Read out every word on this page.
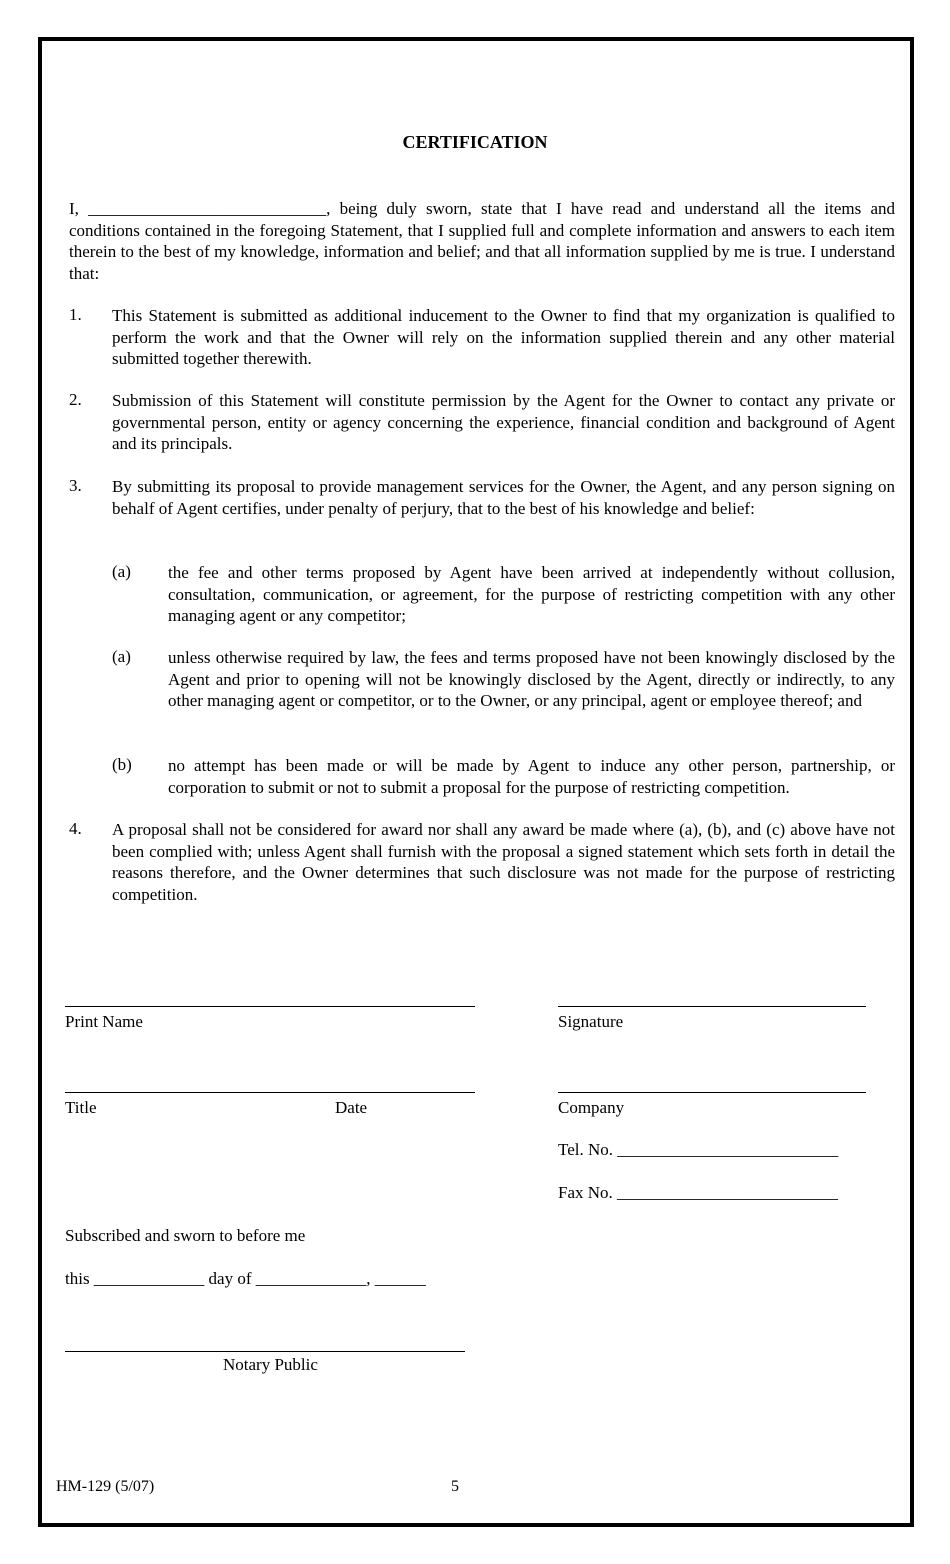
CERTIFICATION
I, ____________________________, being duly sworn, state that I have read and understand all the items and conditions contained in the foregoing Statement, that I supplied full and complete information and answers to each item therein to the best of my knowledge, information and belief; and that all information supplied by me is true. I understand that:
1. This Statement is submitted as additional inducement to the Owner to find that my organization is qualified to perform the work and that the Owner will rely on the information supplied therein and any other material submitted together therewith.
2. Submission of this Statement will constitute permission by the Agent for the Owner to contact any private or governmental person, entity or agency concerning the experience, financial condition and background of Agent and its principals.
3. By submitting its proposal to provide management services for the Owner, the Agent, and any person signing on behalf of Agent certifies, under penalty of perjury, that to the best of his knowledge and belief:
(a) the fee and other terms proposed by Agent have been arrived at independently without collusion, consultation, communication, or agreement, for the purpose of restricting competition with any other managing agent or any competitor;
(a) unless otherwise required by law, the fees and terms proposed have not been knowingly disclosed by the Agent and prior to opening will not be knowingly disclosed by the Agent, directly or indirectly, to any other managing agent or competitor, or to the Owner, or any principal, agent or employee thereof; and
(b) no attempt has been made or will be made by Agent to induce any other person, partnership, or corporation to submit or not to submit a proposal for the purpose of restricting competition.
4. A proposal shall not be considered for award nor shall any award be made where (a), (b), and (c) above have not been complied with; unless Agent shall furnish with the proposal a signed statement which sets forth in detail the reasons therefore, and the Owner determines that such disclosure was not made for the purpose of restricting competition.
Print Name	Signature
Title	Date	Company
Tel. No. __________________________
Fax No. __________________________
Subscribed and sworn to before me
this _____________ day of _____________, ______
Notary Public
HM-129 (5/07)	5
